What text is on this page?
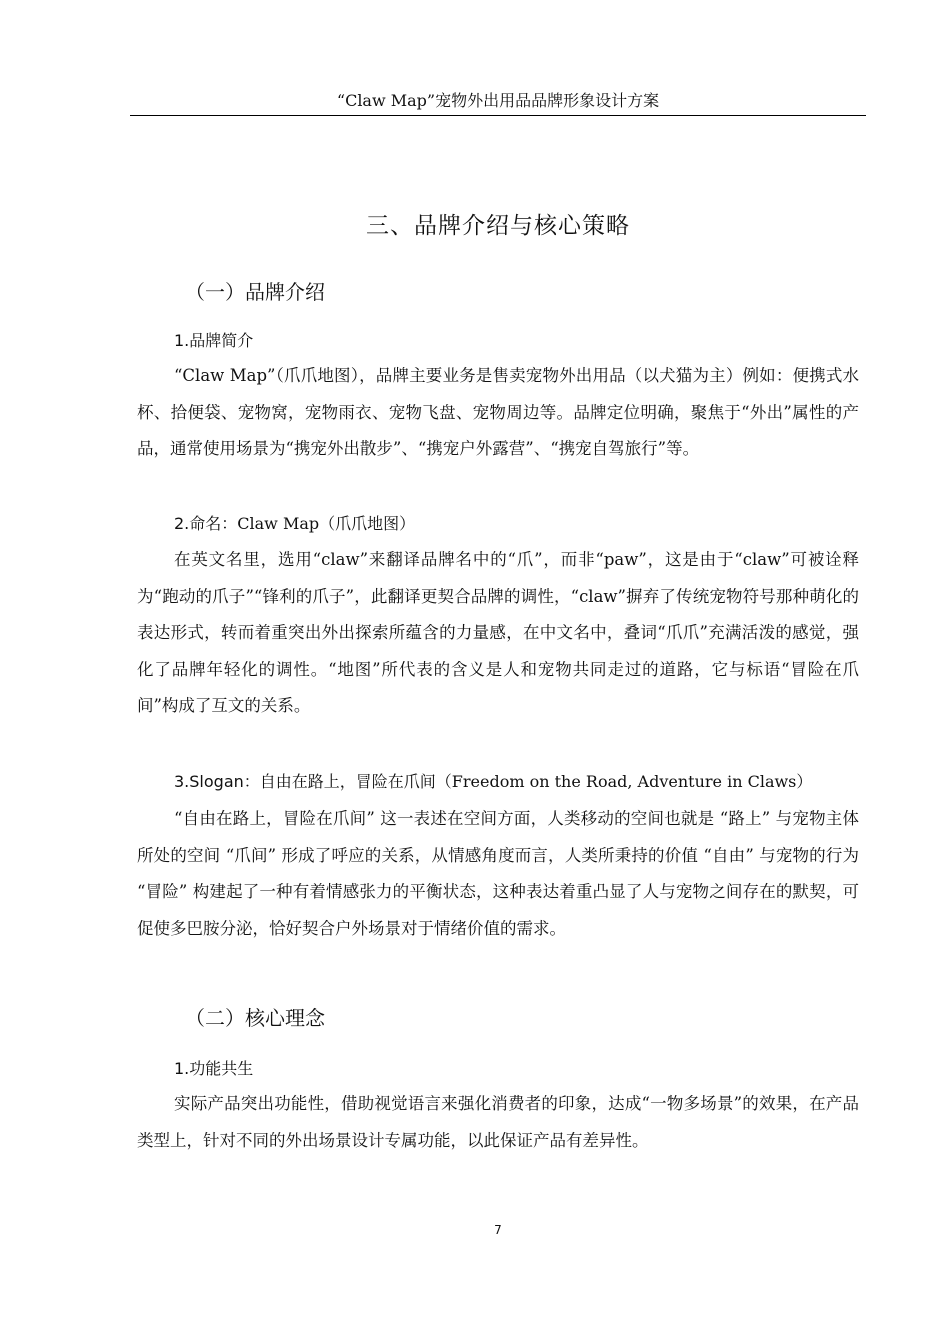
“Claw Map”宠物外出用品品牌形象设计方案
三、品牌介绍与核心策略
（一）品牌介绍
1.品牌简介

“Claw Map”（爪爪地图），品牌主要业务是售卖宠物外出用品（以犬猫为主）例如：便携式水杯、拾便袋、宠物窝，宠物雨衣、宠物飞盘、宠物周边等。品牌定位明确，聚焦于“外出”属性的产品，通常使用场景为“携宠外出散步”、“携宠户外露营”、“携宠自驾旅行”等。

2.命名：Claw Map（爪爪地图）

在英文名里，选用“claw”来翻译品牌名中的“爪”，而非“paw”，这是由于“claw”可被诠释为“跑动的爪子”“锋利的爪子”，此翻译更契合品牌的调性，“claw”摒弃了传统宠物符号那种萌化的表达形式，转而着重突出外出探索所蕴含的力量感，在中文名中，叠词“爪爪”充满活泼的感觉，强化了品牌年轻化的调性。“地图”所代表的含义是人和宠物共同走过的道路，它与标语“冒险在爪间”构成了互文的关系。

3.Slogan：自由在路上，冒险在爪间（Freedom on the Road, Adventure in Claws）

“自由在路上，冒险在爪间” 这一表述在空间方面，人类移动的空间也就是 “路上” 与宠物主体所处的空间 “爪间” 形成了呼应的关系，从情感角度而言，人类所秉持的价值 “自由” 与宠物的行为 “冒险” 构建起了一种有着情感张力的平衡状态，这种表达着重凸显了人与宠物之间存在的默契，可促使多巴胺分泌，恰好契合户外场景对于情绪价值的需求。

（二）核心理念
1.功能共生

实际产品突出功能性，借助视觉语言来强化消费者的印象，达成“一物多场景”的效果，在产品类型上，针对不同的外出场景设计专属功能，以此保证产品有差异性。

7
